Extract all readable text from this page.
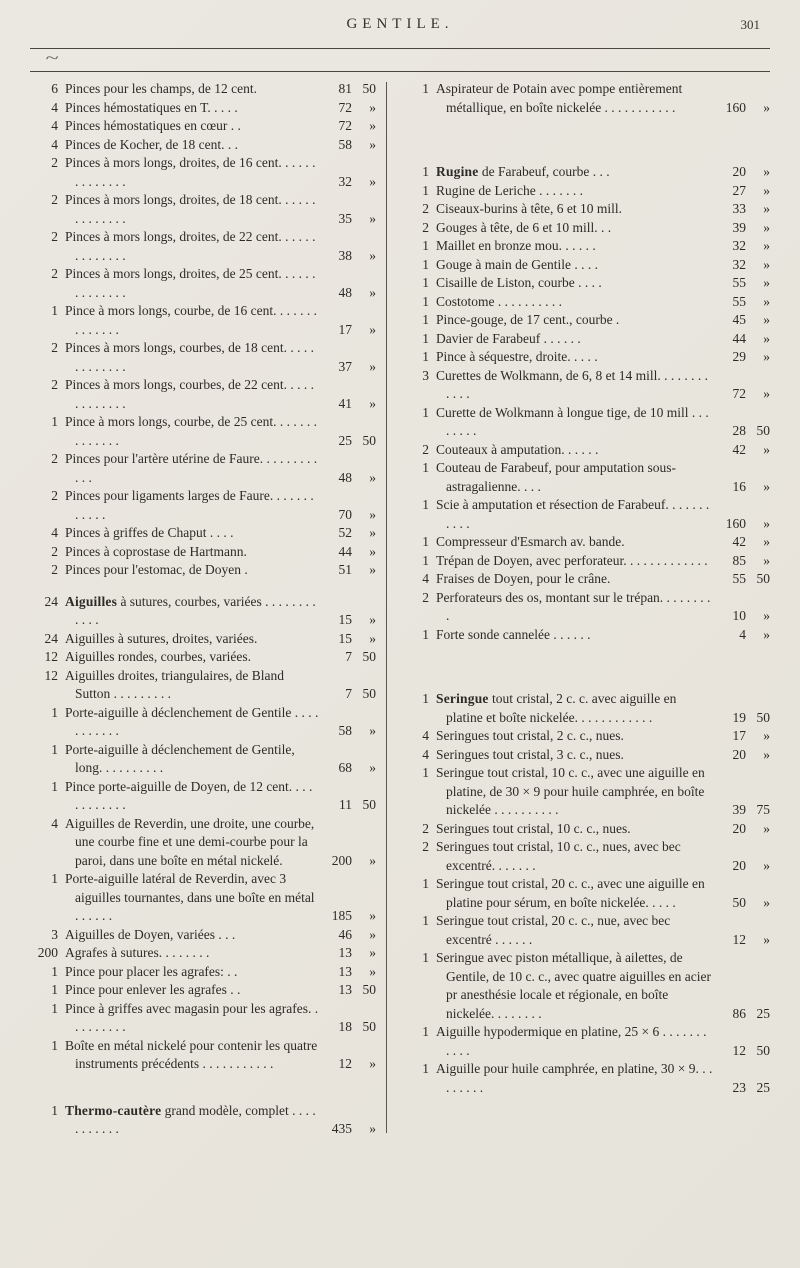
GENTILE.	301
~
6 Pinces pour les champs, de 12 cent.	81 50
4 Pinces hémostatiques en T. . . . .	72	»
4 Pinces hémostatiques en cœur . .	72	»
4 Pinces de Kocher, de 18 cent. . .	58	»
2 Pinces à mors longs, droites, de 16 cent. . . . . . . . . . . . . .	32	»
2 Pinces à mors longs, droites, de 18 cent. . . . . . . . . . . . . .	35	»
2 Pinces à mors longs, droites, de 22 cent. . . . . . . . . . . . . .	38	»
2 Pinces à mors longs, droites, de 25 cent. . . . . . . . . . . . . .	48	»
1 Pince à mors longs, courbe, de 16 cent. . . . . . . . . . . . . .	17	»
2 Pinces à mors longs, courbes, de 18 cent. . . . . . . . . . . . .	37	»
2 Pinces à mors longs, courbes, de 22 cent. . . . . . . . . . . . .	41	»
1 Pince à mors longs, courbe, de 25 cent. . . . . . . . . . . . . .	25 50
2 Pinces pour l'artère utérine de Faure. . . . . . . . . . . .	48	»
2 Pinces pour ligaments larges de Faure. . . . . . . . . . . .	70	»
4 Pinces à griffes de Chaput . . . .	52	»
2 Pinces à coprostase de Hartmann.	44	»
2 Pinces pour l'estomac, de Doyen .	51	»
24 Aiguilles à sutures, courbes, variées . . . . . . . . . . . .	15	»
24 Aiguilles à sutures, droites, variées.	15	»
12 Aiguilles rondes, courbes, variées.	7 50
12 Aiguilles droites, triangulaires, de Bland Sutton . . . . . . . . .	7 50
1 Porte-aiguille à déclenchement de Gentile . . . . . . . . . . .	58	»
1 Porte-aiguille à déclenchement de Gentile, long. . . . . . . . . .	68	»
1 Pince porte-aiguille de Doyen, de 12 cent. . . . . . . . . . . .	11 50
4 Aiguilles de Reverdin, une droite, une courbe, une courbe fine et une demi-courbe pour la paroi, dans une boîte en métal nickelé.	200	»
1 Porte-aiguille latéral de Reverdin, avec 3 aiguilles tournantes, dans une boîte en métal . . . . . .	185	»
3 Aiguilles de Doyen, variées . . .	46	»
200 Agrafes à sutures. . . . . . . .	13	»
1 Pince pour placer les agrafes: . .	13	»
1 Pince pour enlever les agrafes . .	13 50
1 Pince à griffes avec magasin pour les agrafes. . . . . . . . . .	18 50
1 Boîte en métal nickelé pour contenir les quatre instruments précédents . . . . . . . . . . .	12	»
1 Thermo-cautère grand modèle, complet . . . . . . . . . . .	435	»
1 Aspirateur de Potain avec pompe entièrement métallique, en boîte nickelée . . . . . . . . . . .	160	»
1 Rugine de Farabeuf, courbe . . .	20	»
1 Rugine de Leriche . . . . . . .	27	»
2 Ciseaux-burins à tête, 6 et 10 mill.	33	»
2 Gouges à tête, de 6 et 10 mill. . .	39	»
1 Maillet en bronze mou. . . . . .	32	»
1 Gouge à main de Gentile . . . .	32	»
1 Cisaille de Liston, courbe . . . .	55	»
1 Costotome . . . . . . . . . .	55	»
1 Pince-gouge, de 17 cent., courbe .	45	»
1 Davier de Farabeuf . . . . . .	44	»
1 Pince à séquestre, droite. . . . .	29	»
3 Curettes de Wolkmann, de 6, 8 et 14 mill. . . . . . . . . . . .	72	»
1 Curette de Wolkmann à longue tige, de 10 mill . . . . . . . .	28 50
2 Couteaux à amputation. . . . . .	42	»
1 Couteau de Farabeuf, pour amputation sous-astragalienne. . . .	16	»
1 Scie à amputation et résection de Farabeuf. . . . . . . . . . .	160	»
1 Compresseur d'Esmarch av. bande.	42	»
1 Trépan de Doyen, avec perforateur. . . . . . . . . . . . .	85	»
4 Fraises de Doyen, pour le crâne.	55 50
2 Perforateurs des os, montant sur le trépan. . . . . . . . .	10	»
1 Forte sonde cannelée . . . . . .	4	»
1 Seringue tout cristal, 2 c. c. avec aiguille en platine et boîte nickelée. . . . . . . . . . . .	19 50
4 Seringues tout cristal, 2 c. c., nues.	17	»
4 Seringues tout cristal, 3 c. c., nues.	20	»
1 Seringue tout cristal, 10 c. c., avec une aiguille en platine, de 30 × 9 pour huile camphrée, en boîte nickelée . . . . . . . . . .	39 75
2 Seringues tout cristal, 10 c. c., nues.	20	»
2 Seringues tout cristal, 10 c. c., nues, avec bec excentré. . . . . . .	20	»
1 Seringue tout cristal, 20 c. c., avec une aiguille en platine pour sérum, en boîte nickelée. . . . .	50	»
1 Seringue tout cristal, 20 c. c., nue, avec bec excentré . . . . . .	12	»
1 Seringue avec piston métallique, à ailettes, de Gentile, de 10 c. c., avec quatre aiguilles en acier pr anesthésie locale et régionale, en boîte nickelée. . . . . . . .	86 25
1 Aiguille hypodermique en platine, 25 × 6 . . . . . . . . . . .	12 50
1 Aiguille pour huile camphrée, en platine, 30 × 9. . . . . . . . .	23 25
